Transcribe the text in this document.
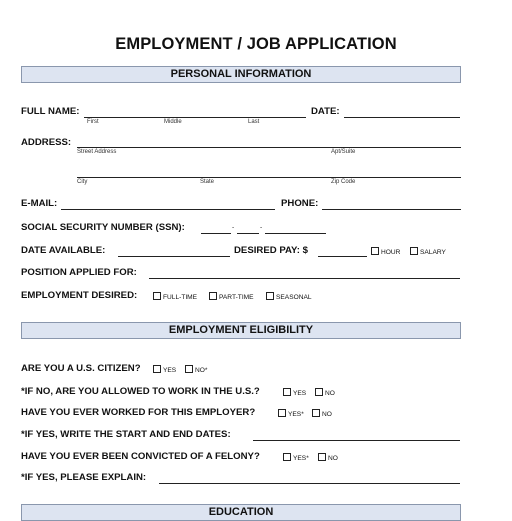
EMPLOYMENT / JOB APPLICATION
PERSONAL INFORMATION
FULL NAME:
First	Middle	Last
DATE:
ADDRESS:
Street Address	Apt/Suite
City	State	Zip Code
E-MAIL:	PHONE:
SOCIAL SECURITY NUMBER (SSN):	-	-
DATE AVAILABLE:	DESIRED PAY: $	HOUR	SALARY
POSITION APPLIED FOR:
EMPLOYMENT DESIRED:	FULL-TIME	PART-TIME	SEASONAL
EMPLOYMENT ELIGIBILITY
ARE YOU A U.S. CITIZEN?	YES	NO*
*IF NO, ARE YOU ALLOWED TO WORK IN THE U.S.?	YES	NO
HAVE YOU EVER WORKED FOR THIS EMPLOYER?	YES*	NO
*IF YES, WRITE THE START AND END DATES:
HAVE YOU EVER BEEN CONVICTED OF A FELONY?	YES*	NO
*IF YES, PLEASE EXPLAIN:
EDUCATION
